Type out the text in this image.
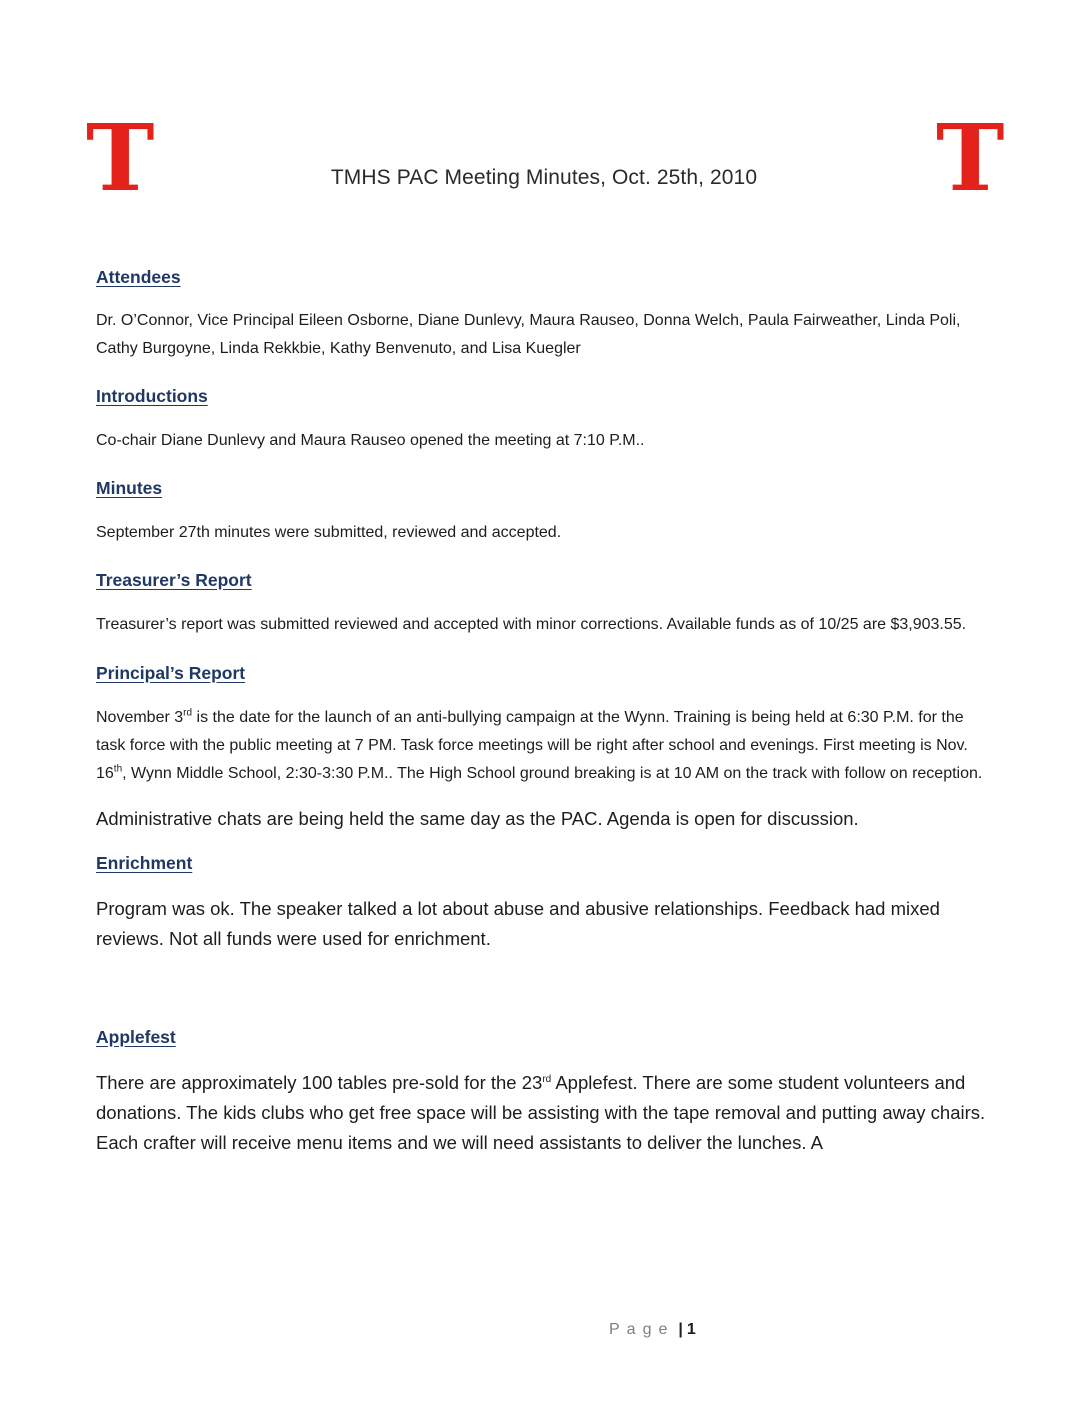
T	T
TMHS PAC Meeting Minutes, Oct. 25th, 2010
Attendees

Dr. O’Connor, Vice Principal Eileen Osborne, Diane Dunlevy, Maura Rauseo, Donna Welch, Paula Fairweather, Linda Poli, Cathy Burgoyne, Linda Rekkbie, Kathy Benvenuto, and Lisa Kuegler

Introductions

Co-chair Diane Dunlevy and Maura Rauseo opened the meeting at 7:10 P.M..

Minutes

September 27th minutes were submitted, reviewed and accepted.

Treasurer’s Report

Treasurer’s report was submitted reviewed and accepted with minor corrections. Available funds as of 10/25 are $3,903.55.

Principal’s Report

November 3rd is the date for the launch of an anti-bullying campaign at the Wynn. Training is being held at 6:30 P.M. for the task force with the public meeting at 7 PM. Task force meetings will be right after school and evenings. First meeting is Nov. 16th, Wynn Middle School, 2:30-3:30 P.M.. The High School ground breaking is at 10 AM on the track with follow on reception.

Administrative chats are being held the same day as the PAC. Agenda is open for discussion.

Enrichment

Program was ok. The speaker talked a lot about abuse and abusive relationships. Feedback had mixed reviews. Not all funds were used for enrichment.

Applefest

There are approximately 100 tables pre-sold for the 23rd Applefest. There are some student volunteers and donations. The kids clubs who get free space will be assisting with the tape removal and putting away chairs. Each crafter will receive menu items and we will need assistants to deliver the lunches. A

Page | 1
